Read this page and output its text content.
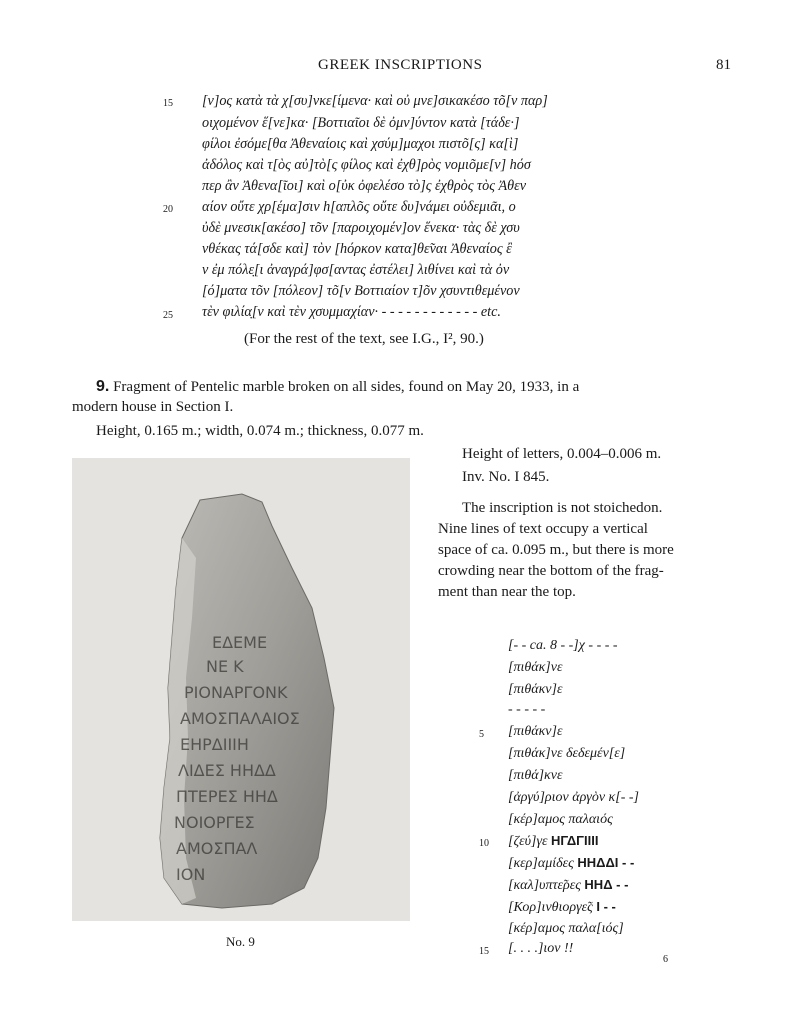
GREEK INSCRIPTIONS	81
15
20
25
[ν]ος κατὰ τὰ χ[συ]νκε[ίμενα· καὶ οὐ μνε]σικακέσο τõ[ν παρ]
οιχομένον ἕ[νε]κα· [Βοττιαῖοι δὲ ὀμν]ύντον κατὰ [τάδε·]
φίλοι ἐσόμε[θα Ἀθεναίοις καὶ χσύμ]μαχοι πιστõ[ς] κα[ὶ]
ἀδόλος καὶ τ[ὸς αὐ]τὸ[ς φίλος καὶ ἐχθ]ρὸς νομιõμε[ν] hόσ
περ ἂν Ἀθενα[ῖοι] καὶ ο[ὐκ ὀφελέσο τὸ]ς ἐχθρὸς τὸς Ἀθεν
αίον οὔτε χρ[έμα]σιν h[απλõς οὔτε δυ]νάμει οὐδεμιᾶι, ο
ὐδὲ μνεσικ[ακέσο] τõν [παροιχομέν]ον ἕνεκα· τὰς δὲ χσυ
νθέκας τά[σδε καὶ] τὸν [hόρκον κατα]θε̃ναι Ἀθεναίος ἒ
ν ἐμ πόλε̣[ι ἀναγρά]φσ[αντας ἐστέλει] λιθίνει καὶ τὰ ὀν
[ό]ματα τõν [πόλεον] τõ[ν Βοττιαίον τ]õν χσυντιθεμένον
τὲν φιλία̣[ν καὶ τὲν χσυμμαχίαν· - - - - - - - - - - - - etc.
(For the rest of the text, see I.G., I², 90.)
9. Fragment of Pentelic marble broken on all sides, found on May 20, 1933, in a
modern house in Section I.
Height, 0.165 m.; width, 0.074 m.; thickness, 0.077 m.
ΕΔΕΜΕ
ΝΕ Κ
ΡΙΟΝΑΡΓΟΝΚ
ΑΜΟΣΠΑΛΑΙΟΣ
ΕΗΡΔΙΙΙΗ
ΛΙΔΕΣ ΗΗΔΔ
ΠΤΕΡΕΣ ΗΗΔ
ΝΟΙΟΡΓΕΣ
ΑΜΟΣΠΑΛ
ΙΟΝ
No. 9
Height of letters, 0.004–0.006 m.
Inv. No. I 845.
The inscription is not stoichedon.
Nine lines of text occupy a vertical
space of ca. 0.095 m., but there is more
crowding near the bottom of the frag-
ment than near the top.
[- - ca. 8 - -]χ - - - -
[πιθάκ]νε
[πιθάκν]ε
- - - - -
5 [πιθάκν]ε
[πιθάκ]νε δεδεμέν[ε]
[πιθά]κνε
[ἀργύ]ριον ἀργὸν κ[- -]
[κέρ]αμος παλαιός
10 [ζεύ]γε ΗΓΔΓΙΙΙΙ
[κερ]αμίδες ΗΗΔΔΙ - -
[καλ]υπτε̃ρες ΗΗΔ - -
[Κορ]ινθιοργε̃ς Ι - -
[κέρ]αμος παλα[ιός]
15 [. . . .]ιον !!
6
